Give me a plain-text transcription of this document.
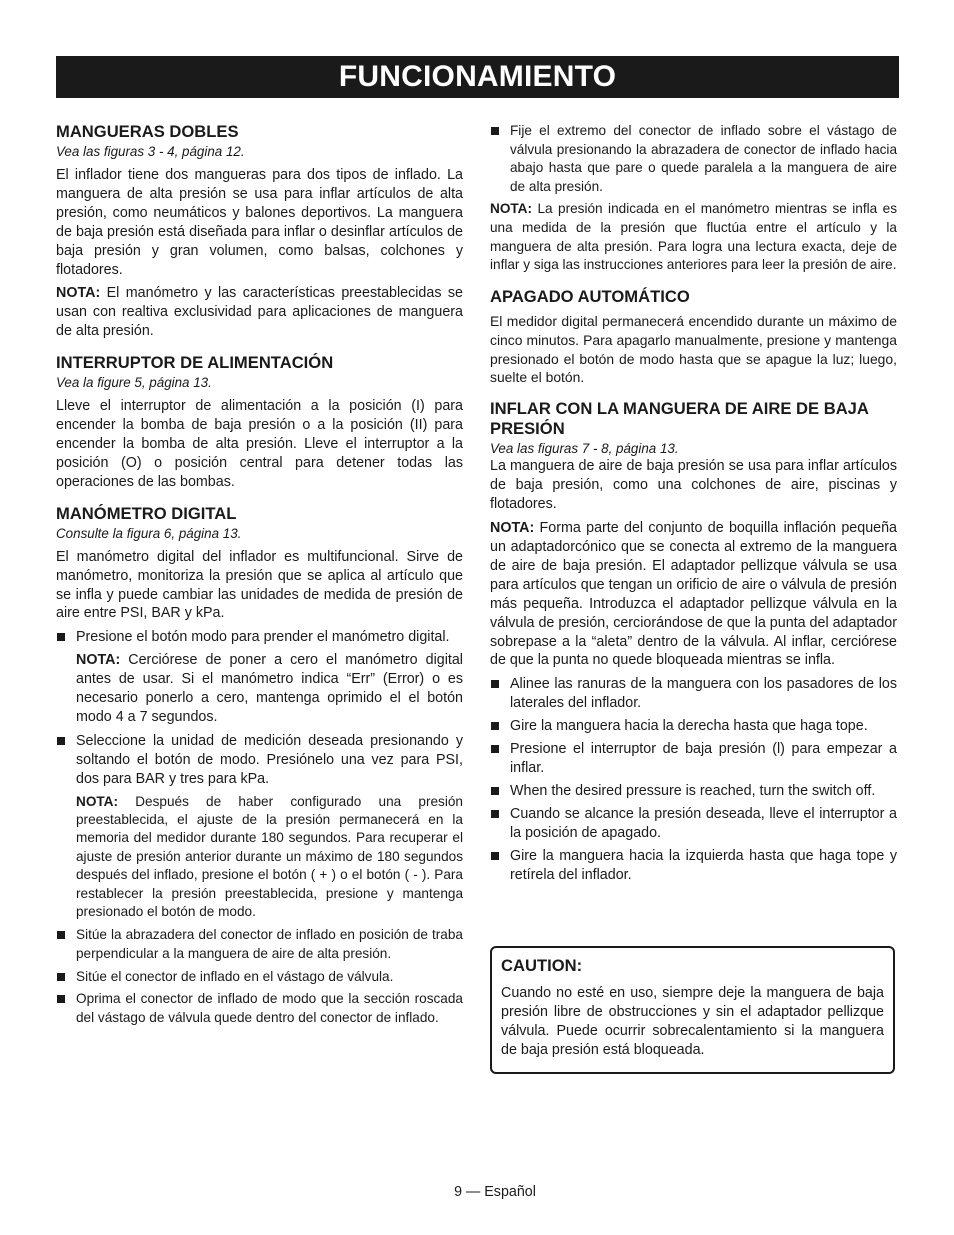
FUNCIONAMIENTO
MANGUERAS DOBLES
Vea las figuras 3 - 4, página 12.

El inflador tiene dos mangueras para dos tipos de inflado. La manguera de alta presión se usa para inflar artículos de alta presión, como neumáticos y balones deportivos. La manguera de baja presión está diseñada para inflar o desinflar artículos de baja presión y gran volumen, como balsas, colchones y flotadores.

NOTA: El manómetro y las características preestablecidas se usan con realtiva exclusividad para aplicaciones de manguera de alta presión.

INTERRUPTOR DE ALIMENTACIÓN
Vea la figure 5, página 13.

Lleve el interruptor de alimentación a la posición (I) para encender la bomba de baja presión o a la posición (II) para encender la bomba de alta presión. Lleve el interruptor a la posición (O) o posición central para detener todas las operaciones de las bombas.

MANÓMETRO DIGITAL
Consulte la figura 6, página 13.

El manómetro digital del inflador es multifuncional. Sirve de manómetro, monitoriza la presión que se aplica al artículo que se infla y puede cambiar las unidades de medida de presión de aire entre PSI, BAR y kPa.

Presione el botón modo para prender el manómetro digital.
NOTA: Cerciórese de poner a cero el manómetro digital antes de usar. Si el manómetro indica “Err” (Error) o es necesario ponerlo a cero, mantenga oprimido el el botón modo 4 a 7 segundos.
Seleccione la unidad de medición deseada presionando y soltando el botón de modo. Presiónelo una vez para PSI, dos para BAR y tres para kPa.
NOTA: Después de haber configurado una presión preestablecida, el ajuste de la presión permanecerá en la memoria del medidor durante 180 segundos. Para recuperar el ajuste de presión anterior durante un máximo de 180 segundos después del inflado, presione el botón ( + ) o el botón ( - ). Para restablecer la presión preestablecida, presione y mantenga presionado el botón de modo.
Sitúe la abrazadera del conector de inflado en posición de traba perpendicular a la manguera de aire de alta presión.
Sitúe el conector de inflado en el vástago de válvula.
Oprima el conector de inflado de modo que la sección roscada del vástago de válvula quede dentro del conector de inflado.
Fije el extremo del conector de inflado sobre el vástago de válvula presionando la abrazadera de conector de inflado hacia abajo hasta que pare o quede paralela a la manguera de aire de alta presión.

NOTA: La presión indicada en el manómetro mientras se infla es una medida de la presión que fluctúa entre el artículo y la manguera de alta presión. Para logra una lectura exacta, deje de inflar y siga las instrucciones anteriores para leer la presión de aire.

APAGADO AUTOMÁTICO

El medidor digital permanecerá encendido durante un máximo de cinco minutos. Para apagarlo manualmente, presione y mantenga presionado el botón de modo hasta que se apague la luz; luego, suelte el botón.

INFLAR CON LA MANGUERA DE AIRE DE BAJA PRESIÓN
Vea las figuras 7 - 8, página 13.

La manguera de aire de baja presión se usa para inflar artículos de baja presión, como una colchones de aire, piscinas y flotadores.

NOTA: Forma parte del conjunto de boquilla inflación pequeña un adaptadorcónico que se conecta al extremo de la manguera de aire de baja presión. El adaptador pellizque válvula se usa para artículos que tengan un orificio de aire o válvula de presión más pequeña. Introduzca el adaptador pellizque válvula en la válvula de presión, cerciorándose de que la punta del adaptador sobrepase a la “aleta” dentro de la válvula. Al inflar, cerciórese de que la punta no quede bloqueada mientras se infla.

Alinee las ranuras de la manguera con los pasadores de los laterales del inflador.
Gire la manguera hacia la derecha hasta que haga tope.
Presione el interruptor de baja presión (l) para empezar a inflar.
When the desired pressure is reached, turn the switch off.
Cuando se alcance la presión deseada, lleve el interruptor a la posición de apagado.
Gire la manguera hacia la izquierda hasta que haga tope y retírela del inflador.
CAUTION:

Cuando no esté en uso, siempre deje la manguera de baja presión libre de obstrucciones y sin el adaptador pellizque válvula. Puede ocurrir sobrecalentamiento si la manguera de baja presión está bloqueada.

9 — Español
